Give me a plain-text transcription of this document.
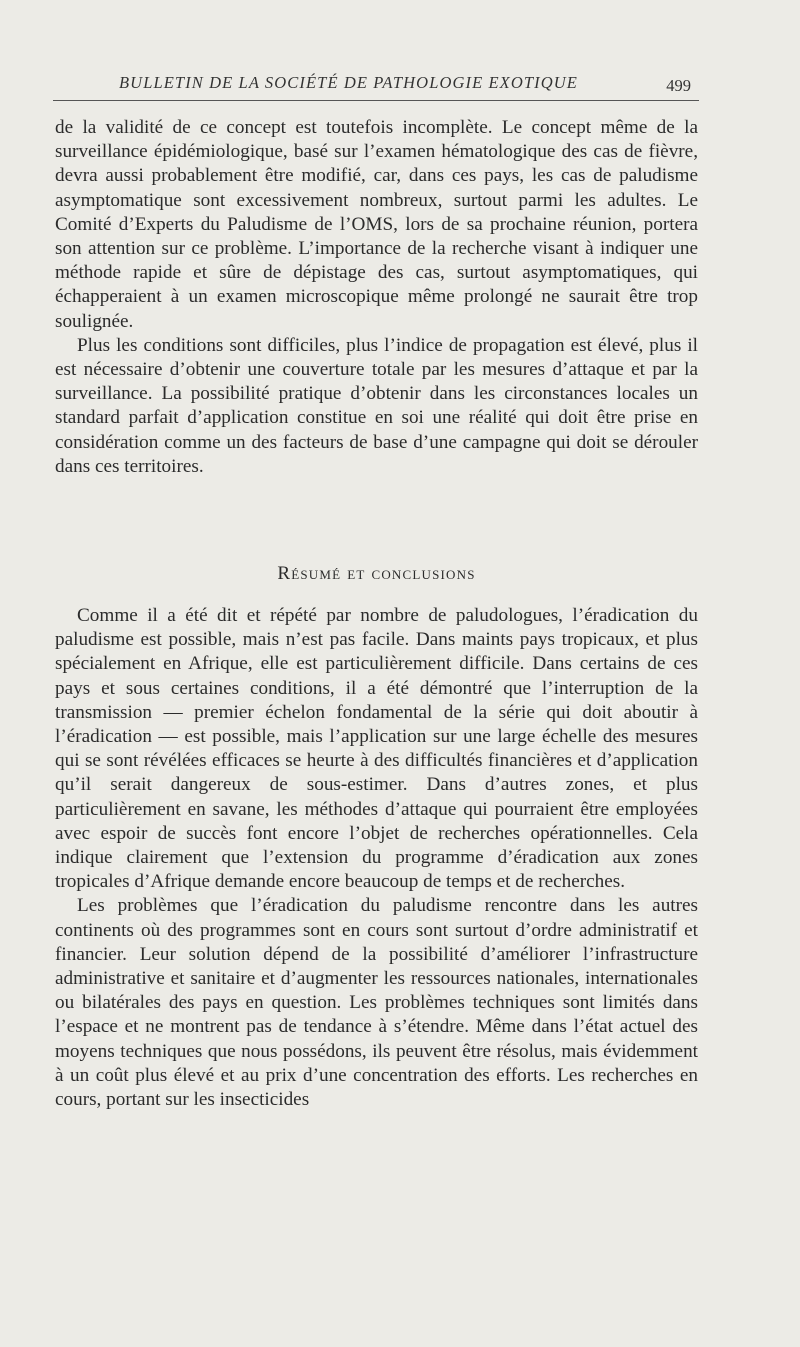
BULLETIN DE LA SOCIÉTÉ DE PATHOLOGIE EXOTIQUE	499

de la validité de ce concept est toutefois incomplète. Le concept même de la surveillance épidémiologique, basé sur l’examen hématologique des cas de fièvre, devra aussi probablement être modifié, car, dans ces pays, les cas de paludisme asymptomatique sont excessivement nombreux, surtout parmi les adultes. Le Comité d’Experts du Paludisme de l’OMS, lors de sa prochaine réunion, portera son attention sur ce problème. L’importance de la recherche visant à indiquer une méthode rapide et sûre de dépistage des cas, surtout asymptomatiques, qui échapperaient à un examen microscopique même prolongé ne saurait être trop soulignée.

Plus les conditions sont difficiles, plus l’indice de propagation est élevé, plus il est nécessaire d’obtenir une couverture totale par les mesures d’attaque et par la surveillance. La possibilité pratique d’obtenir dans les circonstances locales un standard parfait d’application constitue en soi une réalité qui doit être prise en considération comme un des facteurs de base d’une campagne qui doit se dérouler dans ces territoires.

Résumé et conclusions

Comme il a été dit et répété par nombre de paludologues, l’éradication du paludisme est possible, mais n’est pas facile. Dans maints pays tropicaux, et plus spécialement en Afrique, elle est particulièrement difficile. Dans certains de ces pays et sous certaines conditions, il a été démontré que l’interruption de la transmission — premier échelon fondamental de la série qui doit aboutir à l’éradication — est possible, mais l’application sur une large échelle des mesures qui se sont révélées efficaces se heurte à des difficultés financières et d’application qu’il serait dangereux de sous-estimer. Dans d’autres zones, et plus particulièrement en savane, les méthodes d’attaque qui pourraient être employées avec espoir de succès font encore l’objet de recherches opérationnelles. Cela indique clairement que l’extension du programme d’éradication aux zones tropicales d’Afrique demande encore beaucoup de temps et de recherches.

Les problèmes que l’éradication du paludisme rencontre dans les autres continents où des programmes sont en cours sont surtout d’ordre administratif et financier. Leur solution dépend de la possibilité d’améliorer l’infrastructure administrative et sanitaire et d’augmenter les ressources nationales, internationales ou bilatérales des pays en question. Les problèmes techniques sont limités dans l’espace et ne montrent pas de tendance à s’étendre. Même dans l’état actuel des moyens techniques que nous possédons, ils peuvent être résolus, mais évidemment à un coût plus élevé et au prix d’une concentration des efforts. Les recherches en cours, portant sur les insecticides
